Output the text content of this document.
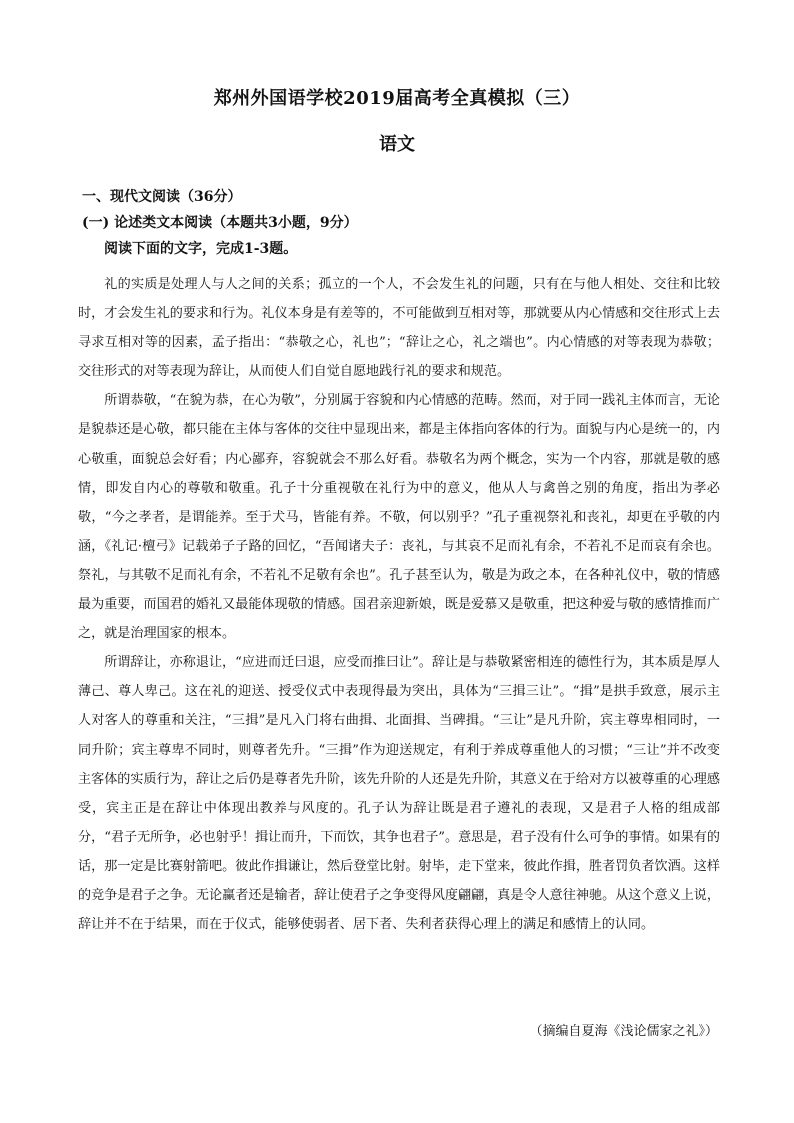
郑州外国语学校2019届高考全真模拟（三）
语文
一、现代文阅读（36分）
(一) 论述类文本阅读（本题共3小题，9分）
阅读下面的文字，完成1-3题。

礼的实质是处理人与人之间的关系；孤立的一个人，不会发生礼的问题，只有在与他人相处、交往和比较时，才会发生礼的要求和行为。礼仪本身是有差等的，不可能做到互相对等，那就要从内心情感和交往形式上去寻求互相对等的因素，孟子指出：“恭敬之心，礼也”；“辞让之心，礼之端也”。内心情感的对等表现为恭敬；交往形式的对等表现为辞让，从而使人们自觉自愿地践行礼的要求和规范。

所谓恭敬，“在貌为恭，在心为敬”，分别属于容貌和内心情感的范畴。然而，对于同一践礼主体而言，无论是貌恭还是心敬，都只能在主体与客体的交往中显现出来，都是主体指向客体的行为。面貌与内心是统一的，内心敬重，面貌总会好看；内心鄙弃，容貌就会不那么好看。恭敬名为两个概念，实为一个内容，那就是敬的感情，即发自内心的尊敬和敬重。孔子十分重视敬在礼行为中的意义，他从人与禽兽之别的角度，指出为孝必敬，“今之孝者，是谓能养。至于犬马，皆能有养。不敬，何以别乎？”孔子重视祭礼和丧礼，却更在乎敬的内涵，《礼记·檀弓》记载弟子子路的回忆，“吾闻诸夫子：丧礼，与其哀不足而礼有余，不若礼不足而哀有余也。祭礼，与其敬不足而礼有余，不若礼不足敬有余也”。孔子甚至认为，敬是为政之本，在各种礼仪中，敬的情感最为重要，而国君的婚礼又最能体现敬的情感。国君亲迎新娘，既是爱慕又是敬重，把这种爱与敬的感情推而广之，就是治理国家的根本。

所谓辞让，亦称退让，“应进而迁曰退，应受而推曰让”。辞让是与恭敬紧密相连的德性行为，其本质是厚人薄己、尊人卑己。这在礼的迎送、授受仪式中表现得最为突出，具体为“三揖三让”。“揖”是拱手致意，展示主人对客人的尊重和关注，“三揖”是凡入门将右曲揖、北面揖、当碑揖。“三让”是凡升阶，宾主尊卑相同时，一同升阶；宾主尊卑不同时，则尊者先升。“三揖”作为迎送规定，有利于养成尊重他人的习惯；“三让”并不改变主客体的实质行为，辞让之后仍是尊者先升阶，该先升阶的人还是先升阶，其意义在于给对方以被尊重的心理感受，宾主正是在辞让中体现出教养与风度的。孔子认为辞让既是君子遵礼的表现，又是君子人格的组成部分，“君子无所争，必也射乎！揖让而升，下而饮，其争也君子”。意思是，君子没有什么可争的事情。如果有的话，那一定是比赛射箭吧。彼此作揖谦让，然后登堂比射。射毕，走下堂来，彼此作揖，胜者罚负者饮酒。这样的竞争是君子之争。无论赢者还是输者，辞让使君子之争变得风度翩翩，真是令人意往神驰。从这个意义上说，辞让并不在于结果，而在于仪式，能够使弱者、居下者、失利者获得心理上的满足和感情上的认同。

（摘编自夏海《浅论儒家之礼》）
